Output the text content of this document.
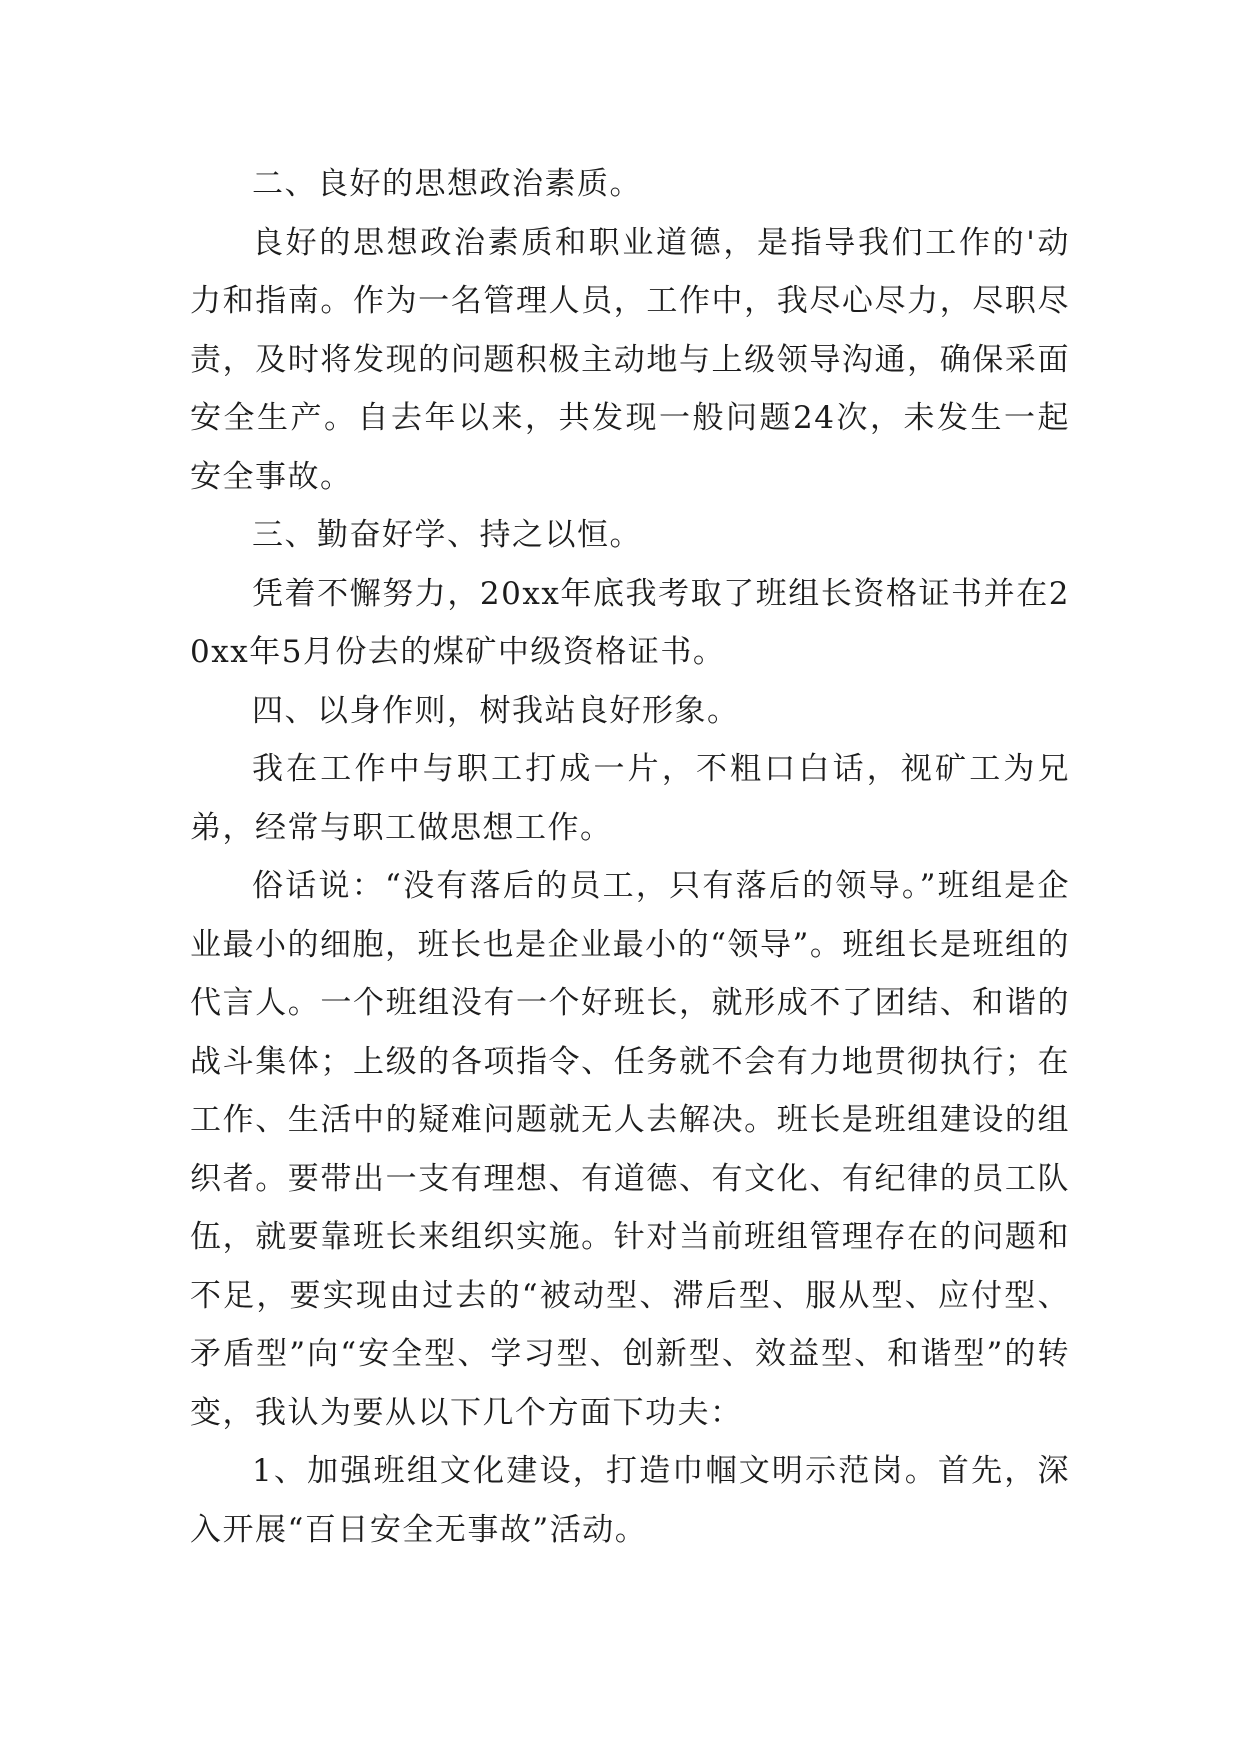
二、良好的思想政治素质。

良好的思想政治素质和职业道德，是指导我们工作的'动力和指南。作为一名管理人员，工作中，我尽心尽力，尽职尽责，及时将发现的问题积极主动地与上级领导沟通，确保采面安全生产。自去年以来，共发现一般问题24次，未发生一起安全事故。

三、勤奋好学、持之以恒。

凭着不懈努力，20xx年底我考取了班组长资格证书并在20xx年5月份去的煤矿中级资格证书。

四、以身作则，树我站良好形象。

我在工作中与职工打成一片，不粗口白话，视矿工为兄弟，经常与职工做思想工作。

俗话说：“没有落后的员工，只有落后的领导。”班组是企业最小的细胞，班长也是企业最小的“领导”。班组长是班组的代言人。一个班组没有一个好班长，就形成不了团结、和谐的战斗集体；上级的各项指令、任务就不会有力地贯彻执行；在工作、生活中的疑难问题就无人去解决。班长是班组建设的组织者。要带出一支有理想、有道德、有文化、有纪律的员工队伍，就要靠班长来组织实施。针对当前班组管理存在的问题和不足，要实现由过去的“被动型、滞后型、服从型、应付型、矛盾型”向“安全型、学习型、创新型、效益型、和谐型”的转变，我认为要从以下几个方面下功夫：

1、加强班组文化建设，打造巾帼文明示范岗。首先，深入开展“百日安全无事故”活动。
